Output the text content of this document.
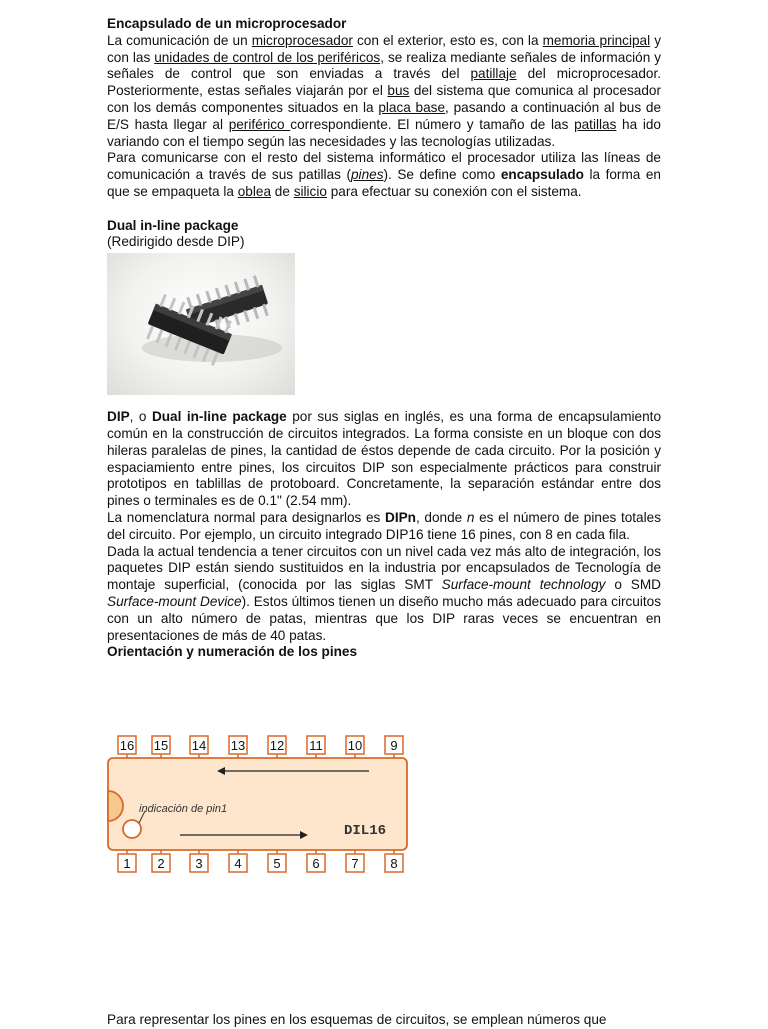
Encapsulado de un microprocesador

La comunicación de un microprocesador con el exterior, esto es, con la memoria principal y con las unidades de control de los periféricos, se realiza mediante señales de información y señales de control que son enviadas a través del patillaje del microprocesador. Posteriormente, estas señales viajarán por el bus del sistema que comunica al procesador con los demás componentes situados en la placa base, pasando a continuación al bus de E/S hasta llegar al periférico correspondiente. El número y tamaño de las patillas ha ido variando con el tiempo según las necesidades y las tecnologías utilizadas.

Para comunicarse con el resto del sistema informático el procesador utiliza las líneas de comunicación a través de sus patillas (pines). Se define como encapsulado la forma en que se empaqueta la oblea de silicio para efectuar su conexión con el sistema.

Dual in-line package
(Redirigido desde DIP)

DIP, o Dual in-line package por sus siglas en inglés, es una forma de encapsulamiento común en la construcción de circuitos integrados. La forma consiste en un bloque con dos hileras paralelas de pines, la cantidad de éstos depende de cada circuito. Por la posición y espaciamiento entre pines, los circuitos DIP son especialmente prácticos para construir prototipos en tablillas de protoboard. Concretamente, la separación estándar entre dos pines o terminales es de 0.1" (2.54 mm).

La nomenclatura normal para designarlos es DIPn, donde n es el número de pines totales del circuito. Por ejemplo, un circuito integrado DIP16 tiene 16 pines, con 8 en cada fila.

Dada la actual tendencia a tener circuitos con un nivel cada vez más alto de integración, los paquetes DIP están siendo sustituidos en la industria por encapsulados de Tecnología de montaje superficial, (conocida por las siglas SMT Surface-mount technology o SMD Surface-mount Device). Estos últimos tienen un diseño mucho más adecuado para circuitos con un alto número de patas, mientras que los DIP raras veces se encuentran en presentaciones de más de 40 patas.

Orientación y numeración de los pines
16 15 14 13 12 11 10 9
indicación de pin1
DIL16
1 2 3 4 5 6 7 8
Para representar los pines en los esquemas de circuitos, se emplean números que
